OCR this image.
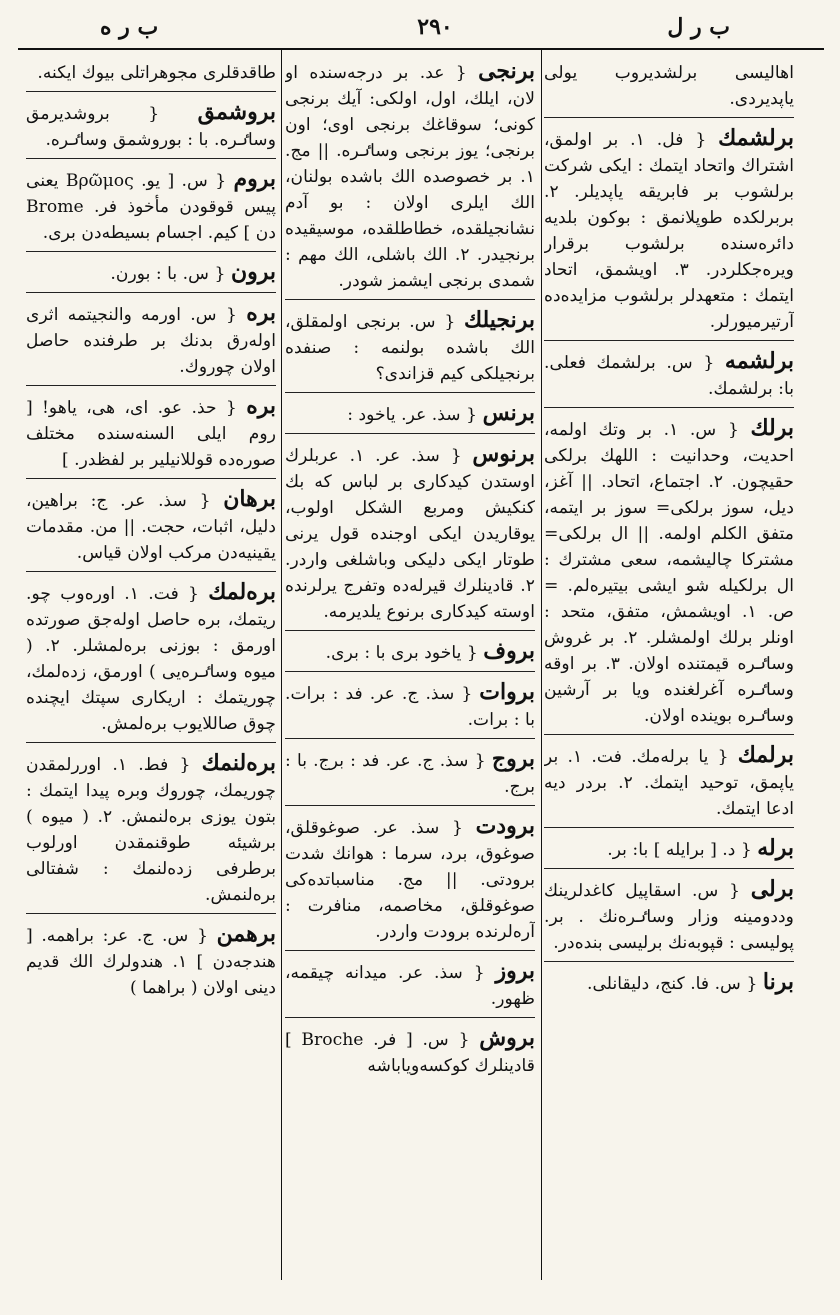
ب ر ه	٢٩٠	ب ر ل
اهالیسی برلشدیروب یولی یاپدیردی.
برلشمك { فل. ١. بر اولمق، اشتراك واتحاد ایتمك : ایکی شرکت برلشوب بر فابریقه یاپدیلر. ٢. بربرلکدە طوپلانمق : بوکون بلدیه دائرەسندە برلشوب برقرار ویرەجکلردر. ٣. اویشمق، اتحاد ایتمك : متعهدلر برلشوب مزایدەدە آرتیرمیورلر.
برلشمه { س. برلشمك فعلی. با: برلشمك.
برلك { س. ١. بر وتك اولمه، احدیت، وحدانیت : اللهك برلکی حقیچون. ٢. اجتماع، اتحاد. || آغز، دیل، سوز برلکی= سوز بر ایتمه، متفق الکلم اولمه. || ال برلکی= مشترکا چالیشمه، سعی مشترك : ال برلکیله شو ایشی بیتیرەلم. = ص. ١. اویشمش، متفق، متحد : اونلر برلك اولمشلر. ٢. بر غروش وساٸره قیمتندە اولان. ٣. بر اوقه وساٸره آغرلغندە ویا بر آرشین وساٸره بویندە اولان.
برلمك { یا برلەمك. فت. ١. بر یاپمق، توحید ایتمك. ٢. بردر دیه ادعا ایتمك.
برله { د. [ برایله ] با: بر.
برلی { س. اسقاپیل کاغدلرینك وددومینه وزار وساٸرەنك . بر. پولیسی : قپوبەنك برلیسی بندەدر.
برنا { س. فا. کنج، دلیقانلی.
برنجی { عد. بر درجەسندە او لان، ایلك، اول، اولکی: آیك برنجی کونی؛ سوقاغك برنجی اوی؛ اون برنجی؛ یوز برنجی وساٸره. || مج. ١. بر خصوصدە الك باشدە بولنان، الك ایلری اولان : بو آدم نشانجیلقدە، خطاطلقدە، موسیقیدە برنجیدر. ٢. الك باشلی، الك مهم : شمدی برنجی ایشمز شودر.
برنجیلك { س. برنجی اولمقلق، الك باشدە بولنمە : صنفدە برنجیلکی کیم قزاندی؟
برنس { سذ. عر. یاخود :
برنوس { سذ. عر. ١. عربلرك اوستدن کیدکاری بر لباس که بك کنکیش ومربع الشکل اولوب، یوقاریدن ایکی اوجندە قول یرنی طوتار ایکی دلیکی وباشلغی واردر. ٢. قادینلرك قیرلەدە وتفرج یرلرندە اوستە کیدکاری برنوع یلدیرمە.
بروف { یاخود بری با : بری.
بروات { سذ. ج. عر. فد : برات. با : برات.
بروج { سذ. ج. عر. فد : برج. با : برج.
برودت { سذ. عر. صوغوقلق، صوغوق، برد، سرما : هوانك شدت برودتی. || مج. مناسباتدەکی صوغوقلق، مخاصمە، منافرت : آرەلرندە برودت واردر.
بروز { سذ. عر. میدانە چیقمە، ظهور.
بروش { س. [ فر. Broche ] قادینلرك کوکسەویاباشە
طاقدقلری مجوهراتلی بیوك ایکنە.
بروشمق { بروشدیرمق وساٸره. با : بوروشمق وساٸره.
بروم { س. [ یو. Βρῶμος یعنی پیس قوقودن مأخوذ فر. Brome دن ] کیم. اجسام بسیطەدن بری.
برون { س. با : بورن.
بره { س. اورمە والنجیتمە اثری اولەرق بدنك بر طرفندە حاصل اولان چوروك.
بره { حذ. عو. ای، هی، یاهو! [ روم ایلی السنەسندە مختلف صورەدە قوللانیلیر بر لفظدر. ]
برهان { سذ. عر. ج: براهین، دلیل، اثبات، حجت. || من. مقدمات یقینیەدن مرکب اولان قیاس.
برەلمك { فت. ١. اورەوب چو. ریتمك، برە حاصل اولەجق صورتدە اورمق : بوزنی برەلمشلر. ٢. ( میوە وساٸرەیی ) اورمق، زدەلمك، چوریتمك : اریکاری سپتك ایچندە چوق صاللایوب برەلمش.
برەلنمك { فط. ١. اوررلمقدن چوریمك، چوروك وبرە پیدا ایتمك : بتون یوزی برەلنمش. ٢. ( میوە ) برشیئە طوقنمقدن اورلوب برطرفی زدەلنمك : شفتالی برەلنمش.
برهمن { س. ج. عر: براهمە. [ هندجەدن ] ١. هندولرك الك قدیم دینی اولان ( براهما )
